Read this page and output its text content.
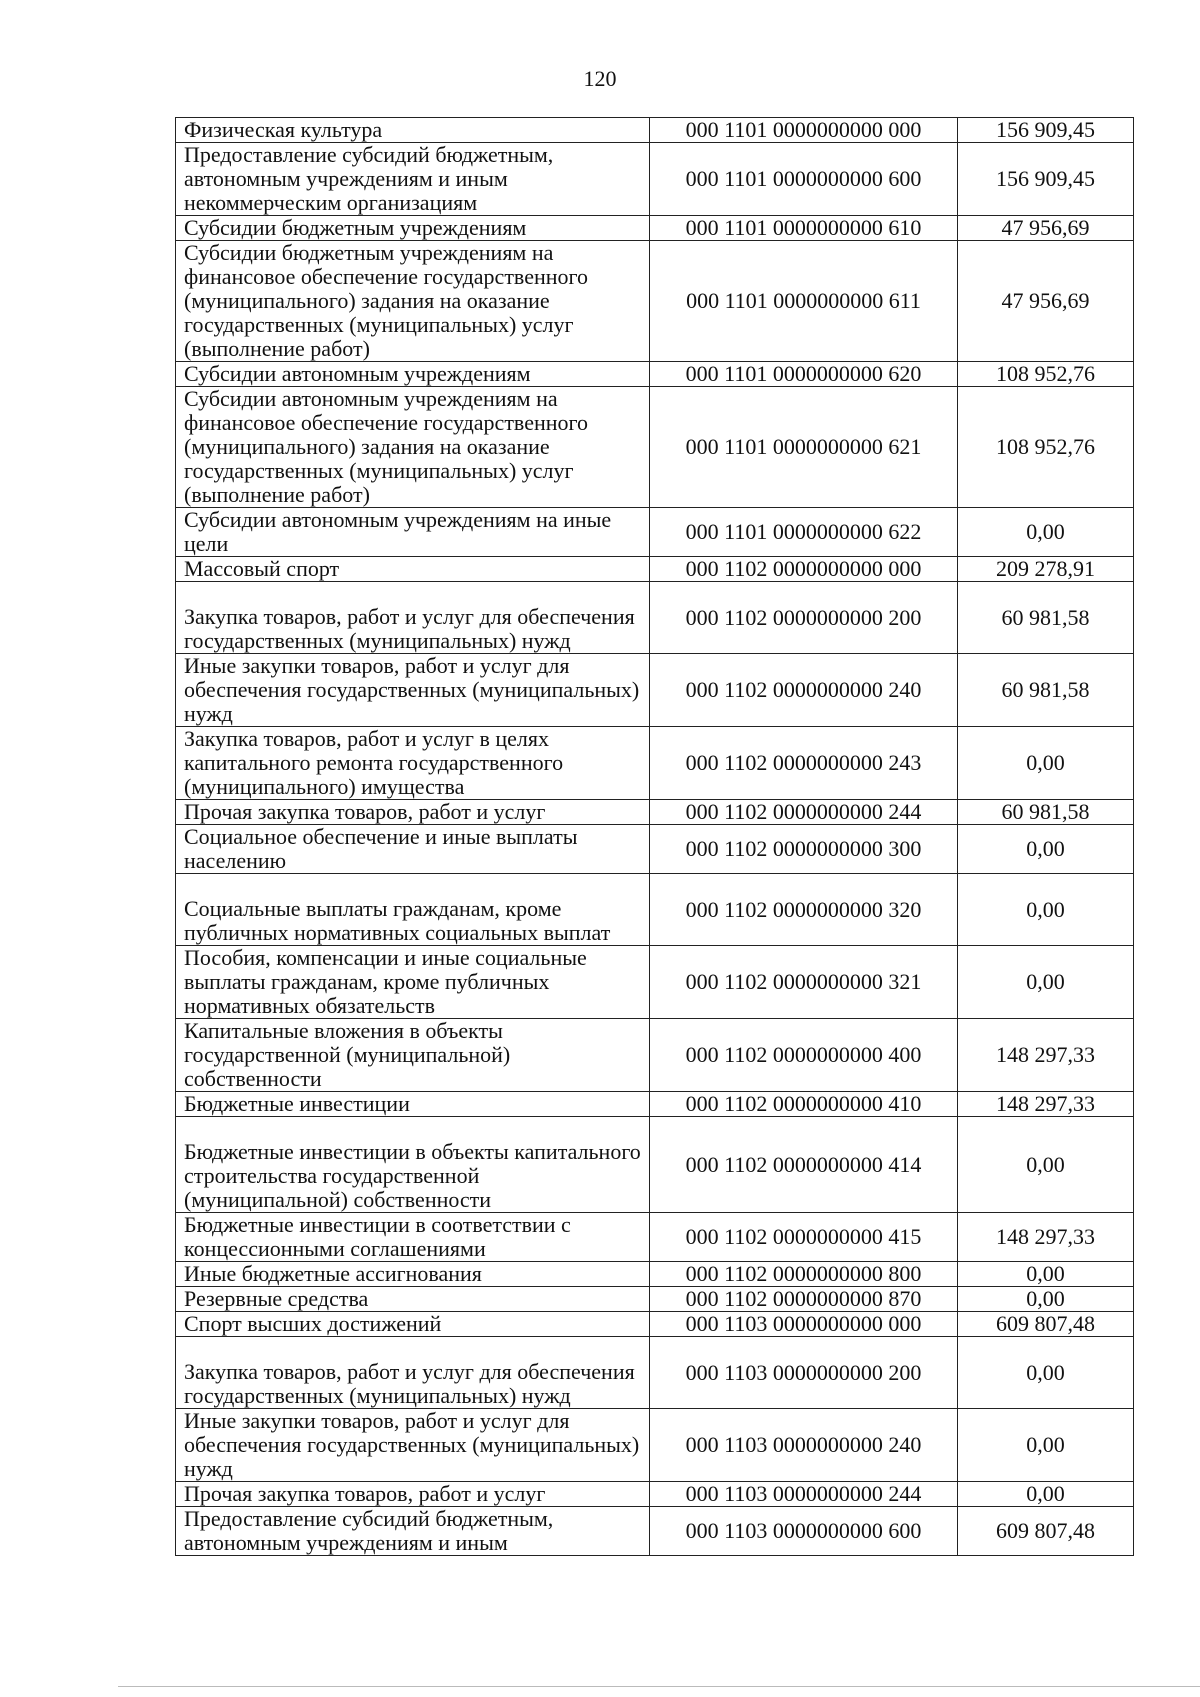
120
Физическая культура	000 1101 0000000000 000	156 909,45
Предоставление субсидий бюджетным, автономным учреждениям и иным некоммерческим организациям	000 1101 0000000000 600	156 909,45
Субсидии бюджетным учреждениям	000 1101 0000000000 610	47 956,69
Субсидии бюджетным учреждениям на финансовое обеспечение государственного (муниципального) задания на оказание государственных (муниципальных) услуг (выполнение работ)	000 1101 0000000000 611	47 956,69
Субсидии автономным учреждениям	000 1101 0000000000 620	108 952,76
Субсидии автономным учреждениям на финансовое обеспечение государственного (муниципального) задания на оказание государственных (муниципальных) услуг (выполнение работ)	000 1101 0000000000 621	108 952,76
Субсидии автономным учреждениям на иные цели	000 1101 0000000000 622	0,00
Массовый спорт	000 1102 0000000000 000	209 278,91
Закупка товаров, работ и услуг для обеспечения государственных (муниципальных) нужд	000 1102 0000000000 200	60 981,58
Иные закупки товаров, работ и услуг для обеспечения государственных (муниципальных) нужд	000 1102 0000000000 240	60 981,58
Закупка товаров, работ и услуг в целях капитального ремонта государственного (муниципального) имущества	000 1102 0000000000 243	0,00
Прочая закупка товаров, работ и услуг	000 1102 0000000000 244	60 981,58
Социальное обеспечение и иные выплаты населению	000 1102 0000000000 300	0,00
Социальные выплаты гражданам, кроме публичных нормативных социальных выплат	000 1102 0000000000 320	0,00
Пособия, компенсации и иные социальные выплаты гражданам, кроме публичных нормативных обязательств	000 1102 0000000000 321	0,00
Капитальные вложения в объекты государственной (муниципальной) собственности	000 1102 0000000000 400	148 297,33
Бюджетные инвестиции	000 1102 0000000000 410	148 297,33
Бюджетные инвестиции в объекты капитального строительства государственной (муниципальной) собственности	000 1102 0000000000 414	0,00
Бюджетные инвестиции в соответствии с концессионными соглашениями	000 1102 0000000000 415	148 297,33
Иные бюджетные ассигнования	000 1102 0000000000 800	0,00
Резервные средства	000 1102 0000000000 870	0,00
Спорт высших достижений	000 1103 0000000000 000	609 807,48
Закупка товаров, работ и услуг для обеспечения государственных (муниципальных) нужд	000 1103 0000000000 200	0,00
Иные закупки товаров, работ и услуг для обеспечения государственных (муниципальных) нужд	000 1103 0000000000 240	0,00
Прочая закупка товаров, работ и услуг	000 1103 0000000000 244	0,00
Предоставление субсидий бюджетным, автономным учреждениям и иным	000 1103 0000000000 600	609 807,48
